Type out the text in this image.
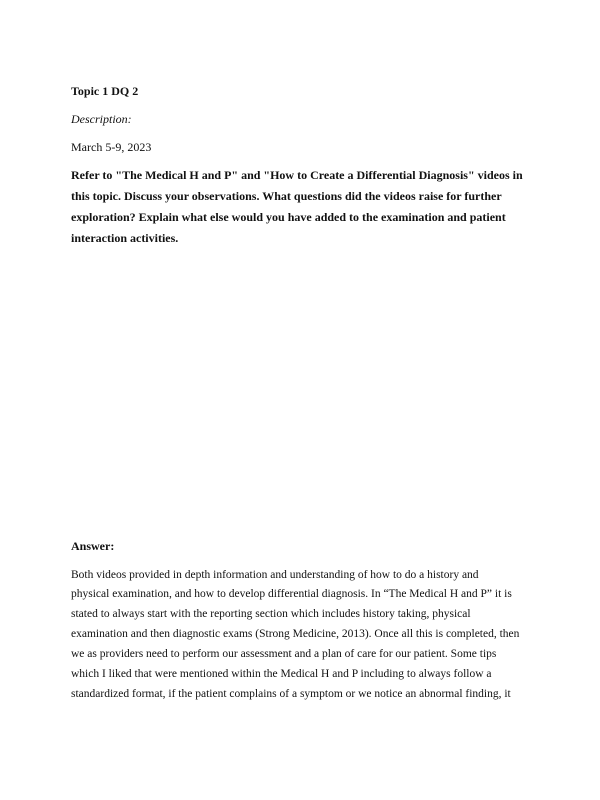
Topic 1 DQ 2
Description:
March 5-9, 2023
Refer to "The Medical H and P" and "How to Create a Differential Diagnosis" videos in
this topic. Discuss your observations. What questions did the videos raise for further
exploration? Explain what else would you have added to the examination and patient
interaction activities.
Answer:
Both videos provided in depth information and understanding of how to do a history and
physical examination, and how to develop differential diagnosis. In “The Medical H and P” it is
stated to always start with the reporting section which includes history taking, physical
examination and then diagnostic exams (Strong Medicine, 2013). Once all this is completed, then
we as providers need to perform our assessment and a plan of care for our patient. Some tips
which I liked that were mentioned within the Medical H and P including to always follow a
standardized format, if the patient complains of a symptom or we notice an abnormal finding, it
